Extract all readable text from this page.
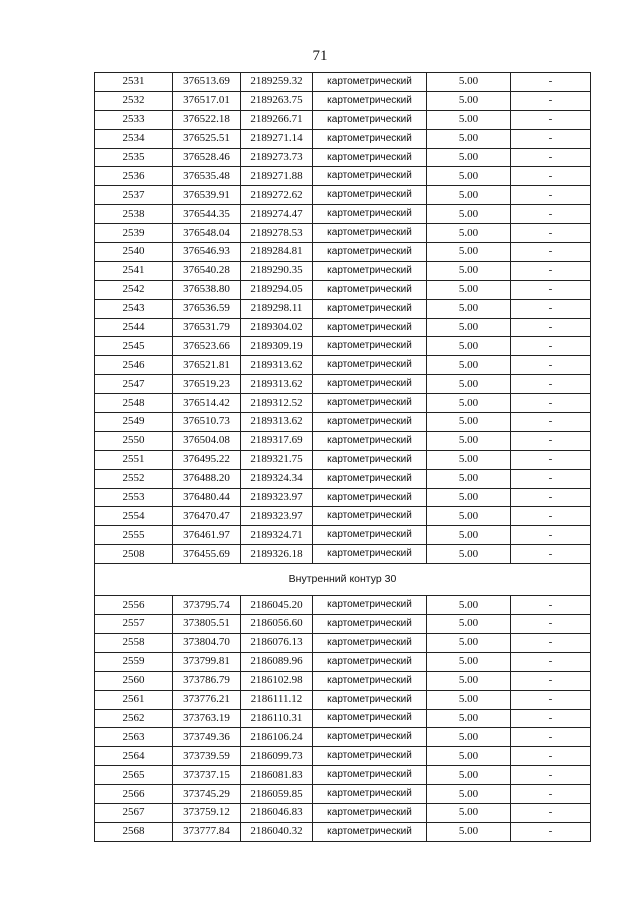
71
2531	376513.69	2189259.32	картометрический	5.00	-
2532	376517.01	2189263.75	картометрический	5.00	-
2533	376522.18	2189266.71	картометрический	5.00	-
2534	376525.51	2189271.14	картометрический	5.00	-
2535	376528.46	2189273.73	картометрический	5.00	-
2536	376535.48	2189271.88	картометрический	5.00	-
2537	376539.91	2189272.62	картометрический	5.00	-
2538	376544.35	2189274.47	картометрический	5.00	-
2539	376548.04	2189278.53	картометрический	5.00	-
2540	376546.93	2189284.81	картометрический	5.00	-
2541	376540.28	2189290.35	картометрический	5.00	-
2542	376538.80	2189294.05	картометрический	5.00	-
2543	376536.59	2189298.11	картометрический	5.00	-
2544	376531.79	2189304.02	картометрический	5.00	-
2545	376523.66	2189309.19	картометрический	5.00	-
2546	376521.81	2189313.62	картометрический	5.00	-
2547	376519.23	2189313.62	картометрический	5.00	-
2548	376514.42	2189312.52	картометрический	5.00	-
2549	376510.73	2189313.62	картометрический	5.00	-
2550	376504.08	2189317.69	картометрический	5.00	-
2551	376495.22	2189321.75	картометрический	5.00	-
2552	376488.20	2189324.34	картометрический	5.00	-
2553	376480.44	2189323.97	картометрический	5.00	-
2554	376470.47	2189323.97	картометрический	5.00	-
2555	376461.97	2189324.71	картометрический	5.00	-
2508	376455.69	2189326.18	картометрический	5.00	-
Внутренний контур 30					
2556	373795.74	2186045.20	картометрический	5.00	-
2557	373805.51	2186056.60	картометрический	5.00	-
2558	373804.70	2186076.13	картометрический	5.00	-
2559	373799.81	2186089.96	картометрический	5.00	-
2560	373786.79	2186102.98	картометрический	5.00	-
2561	373776.21	2186111.12	картометрический	5.00	-
2562	373763.19	2186110.31	картометрический	5.00	-
2563	373749.36	2186106.24	картометрический	5.00	-
2564	373739.59	2186099.73	картометрический	5.00	-
2565	373737.15	2186081.83	картометрический	5.00	-
2566	373745.29	2186059.85	картометрический	5.00	-
2567	373759.12	2186046.83	картометрический	5.00	-
2568	373777.84	2186040.32	картометрический	5.00	-
